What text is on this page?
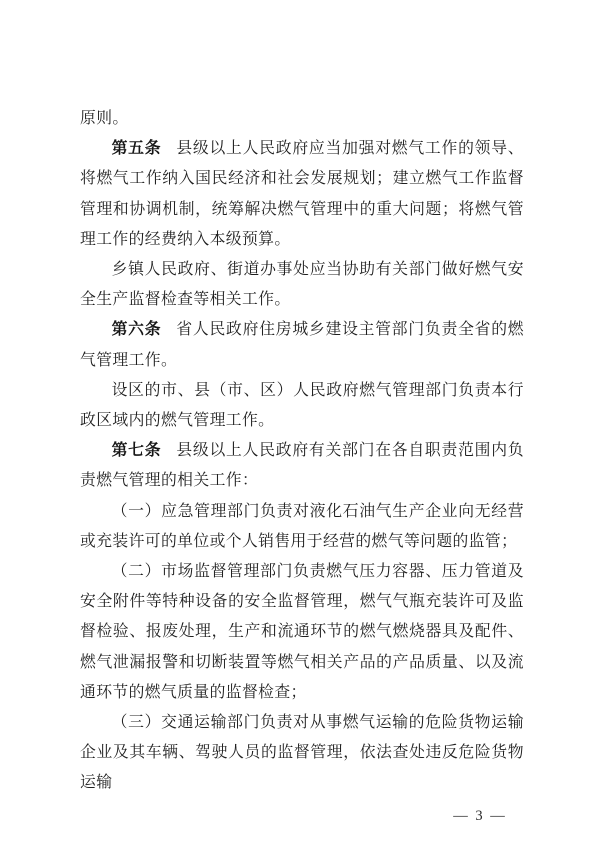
原则。

第五条 县级以上人民政府应当加强对燃气工作的领导、将燃气工作纳入国民经济和社会发展规划；建立燃气工作监督管理和协调机制，统筹解决燃气管理中的重大问题；将燃气管理工作的经费纳入本级预算。

乡镇人民政府、街道办事处应当协助有关部门做好燃气安全生产监督检查等相关工作。

第六条 省人民政府住房城乡建设主管部门负责全省的燃气管理工作。

设区的市、县（市、区）人民政府燃气管理部门负责本行政区域内的燃气管理工作。

第七条 县级以上人民政府有关部门在各自职责范围内负责燃气管理的相关工作：

（一）应急管理部门负责对液化石油气生产企业向无经营或充装许可的单位或个人销售用于经营的燃气等问题的监管；

（二）市场监督管理部门负责燃气压力容器、压力管道及安全附件等特种设备的安全监督管理，燃气气瓶充装许可及监督检验、报废处理，生产和流通环节的燃气燃烧器具及配件、燃气泄漏报警和切断装置等燃气相关产品的产品质量、以及流通环节的燃气质量的监督检查；

（三）交通运输部门负责对从事燃气运输的危险货物运输企业及其车辆、驾驶人员的监督管理，依法查处违反危险货物运输

— 3 —
